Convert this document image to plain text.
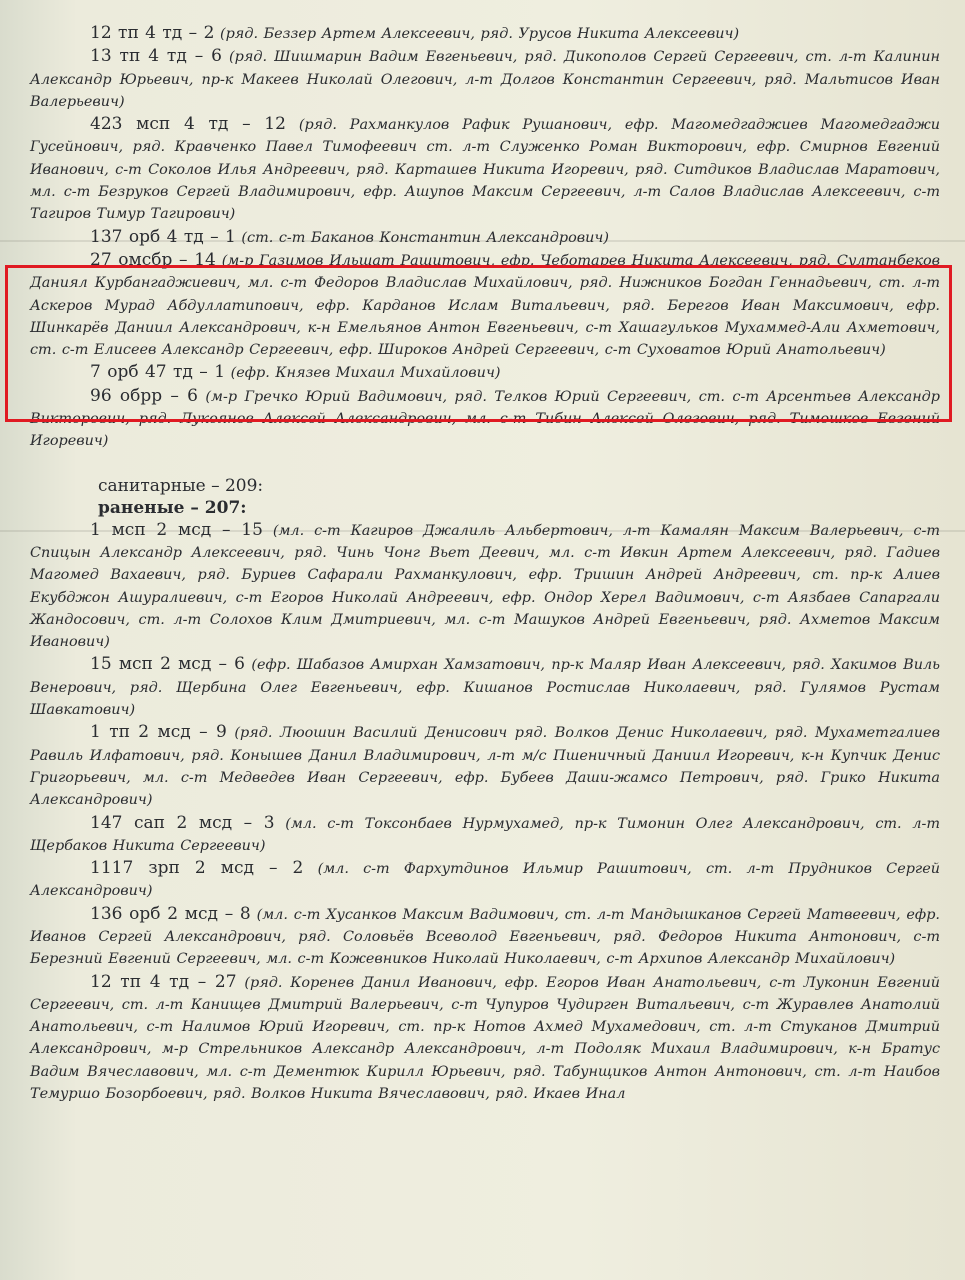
12 тп 4 тд – 2 (ряд. Беззер Артем Алексеевич, ряд. Урусов Никита Алексеевич)

13 тп 4 тд – 6 (ряд. Шишмарин Вадим Евгеньевич, ряд. Дикополов Сергей Сергеевич, ст. л-т Калинин Александр Юрьевич, пр-к Макеев Николай Олегович, л-т Долгов Константин Сергеевич, ряд. Мальтисов Иван Валерьевич)

423 мсп 4 тд – 12 (ряд. Рахманкулов Рафик Рушанович, ефр. Магомедгаджиев Магомедгаджи Гусейнович, ряд. Кравченко Павел Тимофеевич ст. л-т Служенко Роман Викторович, ефр. Смирнов Евгений Иванович, с-т Соколов Илья Андреевич, ряд. Карташев Никита Игоревич, ряд. Ситдиков Владислав Маратович, мл. с-т Безруков Сергей Владимирович, ефр. Ашупов Максим Сергеевич, л-т Салов Владислав Алексеевич, с-т Тагиров Тимур Тагирович)

137 орб 4 тд – 1 (ст. с-т Баканов Константин Александрович)

27 омсбр – 14 (м-р Газимов Ильшат Рашитович, ефр. Чеботарев Никита Алексеевич, ряд. Султанбеков Даниял Курбангаджиевич, мл. с-т Федоров Владислав Михайлович, ряд. Нижников Богдан Геннадьевич, ст. л-т Аскеров Мурад Абдуллатипович, ефр. Карданов Ислам Витальевич, ряд. Берегов Иван Максимович, ефр. Шинкарёв Даниил Александрович, к-н Емельянов Антон Евгеньевич, с-т Хашагульков Мухаммед-Али Ахметович, ст. с-т Елисеев Александр Сергеевич, ефр. Широков Андрей Сергеевич, с-т Суховатов Юрий Анатольевич)

7 орб 47 тд – 1 (ефр. Князев Михаил Михайлович)

96 обрр – 6 (м-р Гречко Юрий Вадимович, ряд. Телков Юрий Сергеевич, ст. с-т Арсентьев Александр Викторович, ряд. Лукоянов Алексей Александрович, мл. с-т Тибин Алексей Олегович, ряд. Тимошков Евгений Игоревич)

санитарные – 209:

раненые – 207:

1 мсп 2 мсд – 15 (мл. с-т Кагиров Джалиль Альбертович, л-т Камалян Максим Валерьевич, с-т Спицын Александр Алексеевич, ряд. Чинь Чонг Вьет Деевич, мл. с-т Ивкин Артем Алексеевич, ряд. Гадиев Магомед Вахаевич, ряд. Буриев Сафарали Рахманкулович, ефр. Тришин Андрей Андреевич, ст. пр-к Алиев Екубджон Ашуралиевич, с-т Егоров Николай Андреевич, ефр. Ондор Херел Вадимович, с-т Аязбаев Сапаргали Жандосович, ст. л-т Солохов Клим Дмитриевич, мл. с-т Машуков Андрей Евгеньевич, ряд. Ахметов Максим Иванович)

15 мсп 2 мсд – 6 (ефр. Шабазов Амирхан Хамзатович, пр-к Маляр Иван Алексеевич, ряд. Хакимов Виль Венерович, ряд. Щербина Олег Евгеньевич, ефр. Кишанов Ростислав Николаевич, ряд. Гулямов Рустам Шавкатович)

1 тп 2 мсд – 9 (ряд. Люошин Василий Денисович ряд. Волков Денис Николаевич, ряд. Мухаметгалиев Равиль Илфатович, ряд. Конышев Данил Владимирович, л-т м/с Пшеничный Даниил Игоревич, к-н Купчик Денис Григорьевич, мл. с-т Медведев Иван Сергеевич, ефр. Бубеев Даши-жамсо Петрович, ряд. Грико Никита Александрович)

147 сап 2 мсд – 3 (мл. с-т Токсонбаев Нурмухамед, пр-к Тимонин Олег Александрович, ст. л-т Щербаков Никита Сергеевич)

1117 зрп 2 мсд – 2 (мл. с-т Фархутдинов Ильмир Рашитович, ст. л-т Прудников Сергей Александрович)

136 орб 2 мсд – 8 (мл. с-т Хусанков Максим Вадимович, ст. л-т Мандышканов Сергей Матвеевич, ефр. Иванов Сергей Александрович, ряд. Соловьёв Всеволод Евгеньевич, ряд. Федоров Никита Антонович, с-т Березний Евгений Сергеевич, мл. с-т Кожевников Николай Николаевич, с-т Архипов Александр Михайлович)

12 тп 4 тд – 27 (ряд. Коренев Данил Иванович, ефр. Егоров Иван Анатольевич, с-т Луконин Евгений Сергеевич, ст. л-т Канищев Дмитрий Валерьевич, с-т Чупуров Чудирген Витальевич, с-т Журавлев Анатолий Анатольевич, с-т Налимов Юрий Игоревич, ст. пр-к Нотов Ахмед Мухамедович, ст. л-т Стуканов Дмитрий Александрович, м-р Стрельников Александр Александрович, л-т Подоляк Михаил Владимирович, к-н Братус Вадим Вячеславович, мл. с-т Дементюк Кирилл Юрьевич, ряд. Табунщиков Антон Антонович, ст. л-т Наибов Темуршо Бозорбоевич, ряд. Волков Никита Вячеславович, ряд. Икаев Инал
